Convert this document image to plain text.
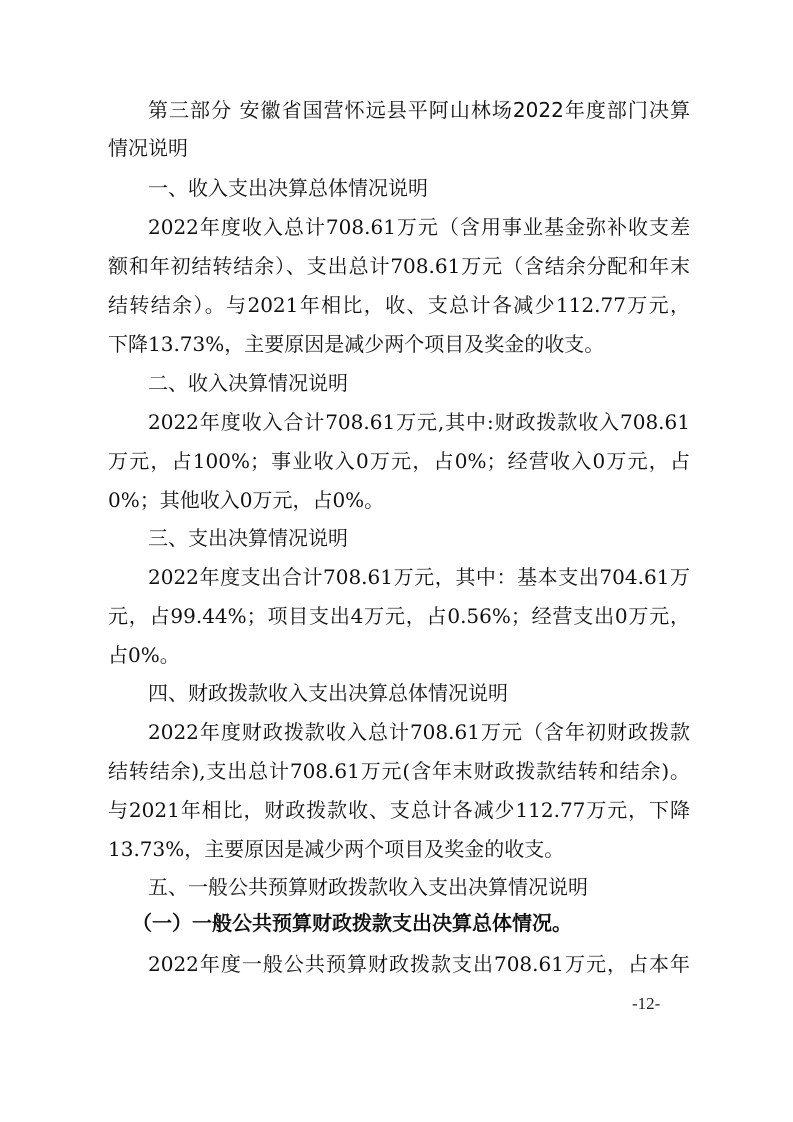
第三部分 安徽省国营怀远县平阿山林场2022年度部门决算
情况说明
一、收入支出决算总体情况说明
2022年度收入总计708.61万元（含用事业基金弥补收支差
额和年初结转结余）、支出总计708.61万元（含结余分配和年末
结转结余）。与2021年相比，收、支总计各减少112.77万元，
下降13.73%，主要原因是减少两个项目及奖金的收支。
二、收入决算情况说明
2022年度收入合计708.61万元,其中:财政拨款收入708.61
万元，占100%；事业收入0万元，占0%；经营收入0万元，占
0%；其他收入0万元，占0%。
三、支出决算情况说明
2022年度支出合计708.61万元，其中：基本支出704.61万
元，占99.44%；项目支出4万元，占0.56%；经营支出0万元，
占0%。
四、财政拨款收入支出决算总体情况说明
2022年度财政拨款收入总计708.61万元（含年初财政拨款
结转结余),支出总计708.61万元(含年末财政拨款结转和结余)。
与2021年相比，财政拨款收、支总计各减少112.77万元，下降
13.73%，主要原因是减少两个项目及奖金的收支。
五、一般公共预算财政拨款收入支出决算情况说明
（一）一般公共预算财政拨款支出决算总体情况。
2022年度一般公共预算财政拨款支出708.61万元，占本年
-12-
